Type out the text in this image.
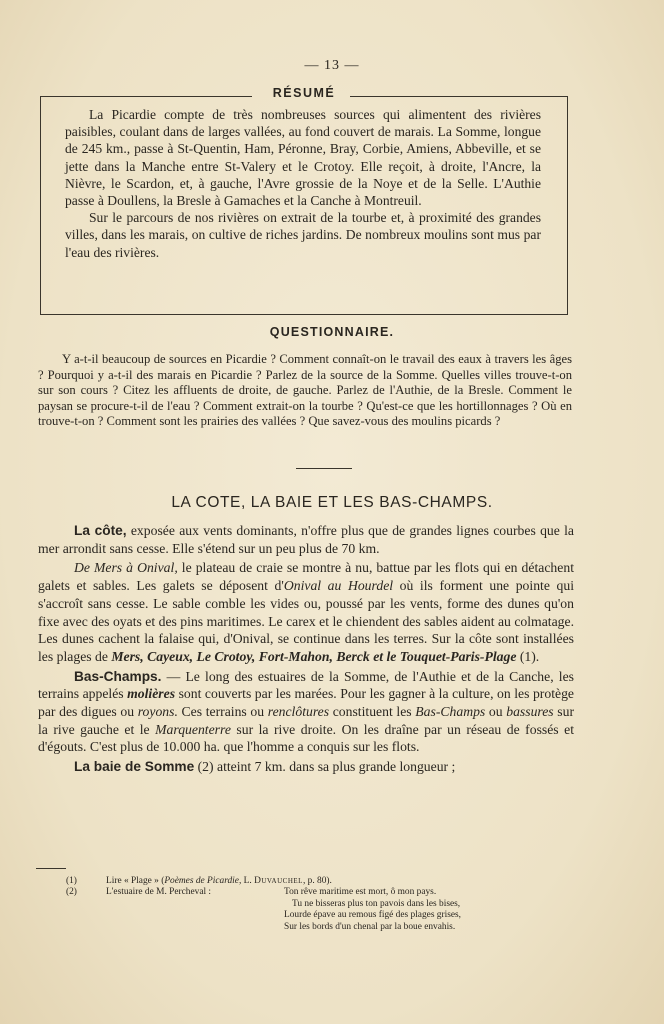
— 13 —
RÉSUMÉ

La Picardie compte de très nombreuses sources qui alimentent des rivières paisibles, coulant dans de larges vallées, au fond couvert de marais. La Somme, longue de 245 km., passe à St-Quentin, Ham, Péronne, Bray, Corbie, Amiens, Abbeville, et se jette dans la Manche entre St-Valery et le Crotoy. Elle reçoit, à droite, l'Ancre, la Nièvre, le Scardon, et, à gauche, l'Avre grossie de la Noye et de la Selle. L'Authie passe à Doullens, la Bresle à Gamaches et la Canche à Montreuil.

Sur le parcours de nos rivières on extrait de la tourbe et, à proximité des grandes villes, dans les marais, on cultive de riches jardins. De nombreux moulins sont mus par l'eau des rivières.

QUESTIONNAIRE.

Y a-t-il beaucoup de sources en Picardie ? Comment connaît-on le travail des eaux à travers les âges ? Pourquoi y a-t-il des marais en Picardie ? Parlez de la source de la Somme. Quelles villes trouve-t-on sur son cours ? Citez les affluents de droite, de gauche. Parlez de l'Authie, de la Bresle. Comment le paysan se procure-t-il de l'eau ? Comment extrait-on la tourbe ? Qu'est-ce que les hortillonnages ? Où en trouve-t-on ? Comment sont les prairies des vallées ? Que savez-vous des moulins picards ?

LA COTE, LA BAIE ET LES BAS-CHAMPS.

La côte, exposée aux vents dominants, n'offre plus que de grandes lignes courbes que la mer arrondit sans cesse. Elle s'étend sur un peu plus de 70 km.

De Mers à Onival, le plateau de craie se montre à nu, battue par les flots qui en détachent galets et sables. Les galets se déposent d'Onival au Hourdel où ils forment une pointe qui s'accroît sans cesse. Le sable comble les vides ou, poussé par les vents, forme des dunes qu'on fixe avec des oyats et des pins maritimes. Le carex et le chiendent des sables aident au colmatage. Les dunes cachent la falaise qui, d'Onival, se continue dans les terres. Sur la côte sont installées les plages de Mers, Cayeux, Le Crotoy, Fort-Mahon, Berck et le Touquet-Paris-Plage (1).

Bas-Champs. — Le long des estuaires de la Somme, de l'Authie et de la Canche, les terrains appelés molières sont couverts par les marées. Pour les gagner à la culture, on les protège par des digues ou royons. Ces terrains ou renclôtures constituent les Bas-Champs ou bassures sur la rive gauche et le Marquenterre sur la rive droite. On les draîne par un réseau de fossés et d'égouts. C'est plus de 10.000 ha. que l'homme a conquis sur les flots.

La baie de Somme (2) atteint 7 km. dans sa plus grande longueur ;

(1)	Lire « Plage » (Poèmes de Picardie, L. Duvauchel, p. 80).
(2)	L'estuaire de M. Percheval :	Ton rêve maritime est mort, ô mon pays.
Tu ne bisseras plus ton pavois dans les bises,
Lourde épave au remous figé des plages grises,
Sur les bords d'un chenal par la boue envahis.
